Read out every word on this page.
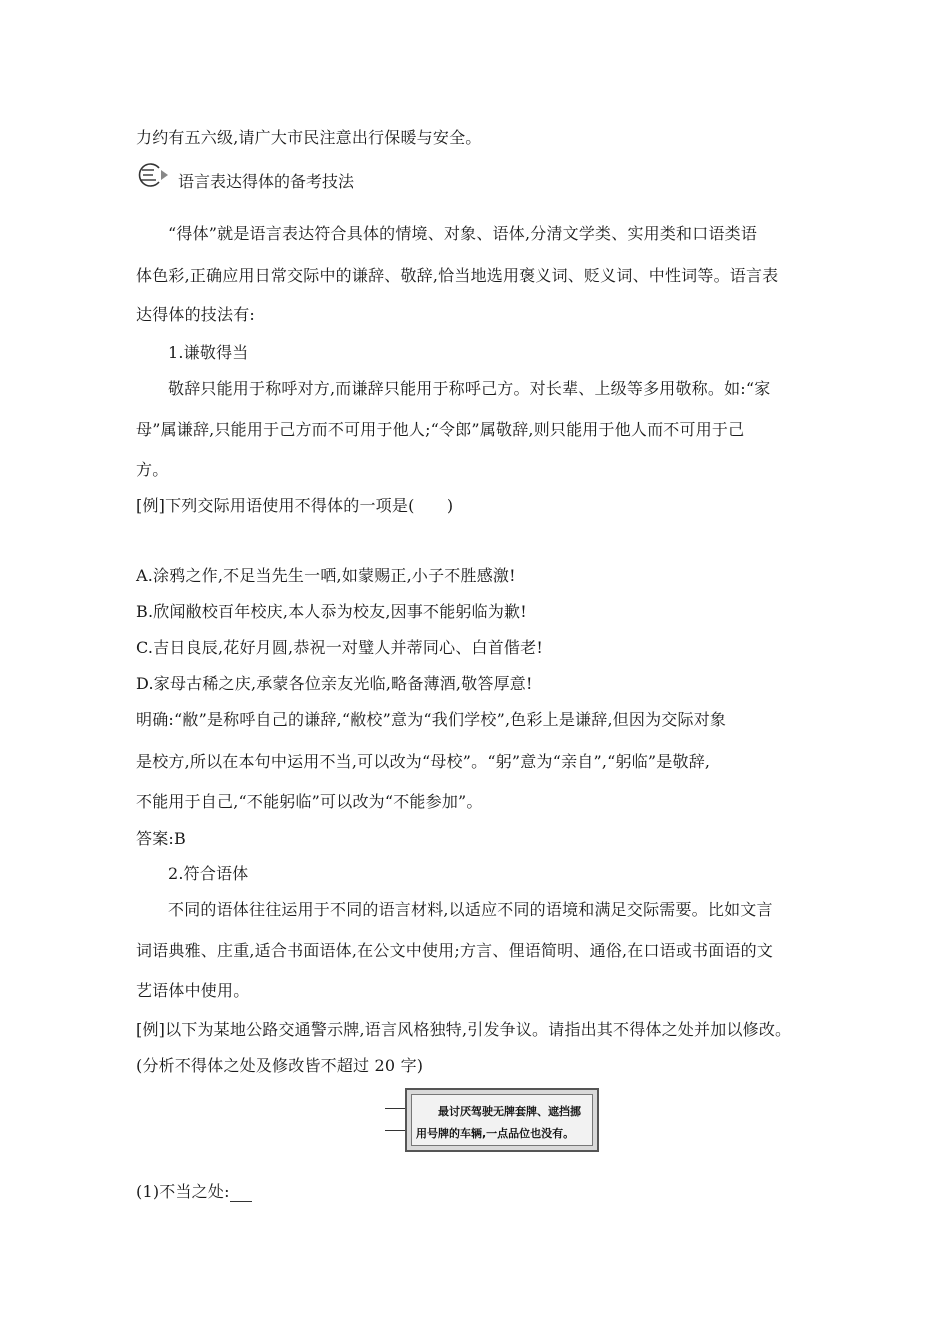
力约有五六级,请广大市民注意出行保暖与安全。
语言表达得体的备考技法
“得体”就是语言表达符合具体的情境、对象、语体,分清文学类、实用类和口语类语
体色彩,正确应用日常交际中的谦辞、敬辞,恰当地选用褒义词、贬义词、中性词等。语言表
达得体的技法有:
1.谦敬得当
敬辞只能用于称呼对方,而谦辞只能用于称呼己方。对长辈、上级等多用敬称。如:“家
母”属谦辞,只能用于己方而不可用于他人;“令郎”属敬辞,则只能用于他人而不可用于己
方。
[例]下列交际用语使用不得体的一项是(　　)
A.涂鸦之作,不足当先生一哂,如蒙赐正,小子不胜感激!
B.欣闻敝校百年校庆,本人忝为校友,因事不能躬临为歉!
C.吉日良辰,花好月圆,恭祝一对璧人并蒂同心、白首偕老!
D.家母古稀之庆,承蒙各位亲友光临,略备薄酒,敬答厚意!
明确:“敝”是称呼自己的谦辞,“敝校”意为“我们学校”,色彩上是谦辞,但因为交际对象
是校方,所以在本句中运用不当,可以改为“母校”。“躬”意为“亲自”,“躬临”是敬辞,
不能用于自己,“不能躬临”可以改为“不能参加”。
答案:B
2.符合语体
不同的语体往往运用于不同的语言材料,以适应不同的语境和满足交际需要。比如文言
词语典雅、庄重,适合书面语体,在公文中使用;方言、俚语简明、通俗,在口语或书面语的文
艺语体中使用。
[例]以下为某地公路交通警示牌,语言风格独特,引发争议。请指出其不得体之处并加以修改。
(分析不得体之处及修改皆不超过 20 字)
最讨厌驾驶无牌套牌、遮挡挪
用号牌的车辆,一点品位也没有。
(1)不当之处:
